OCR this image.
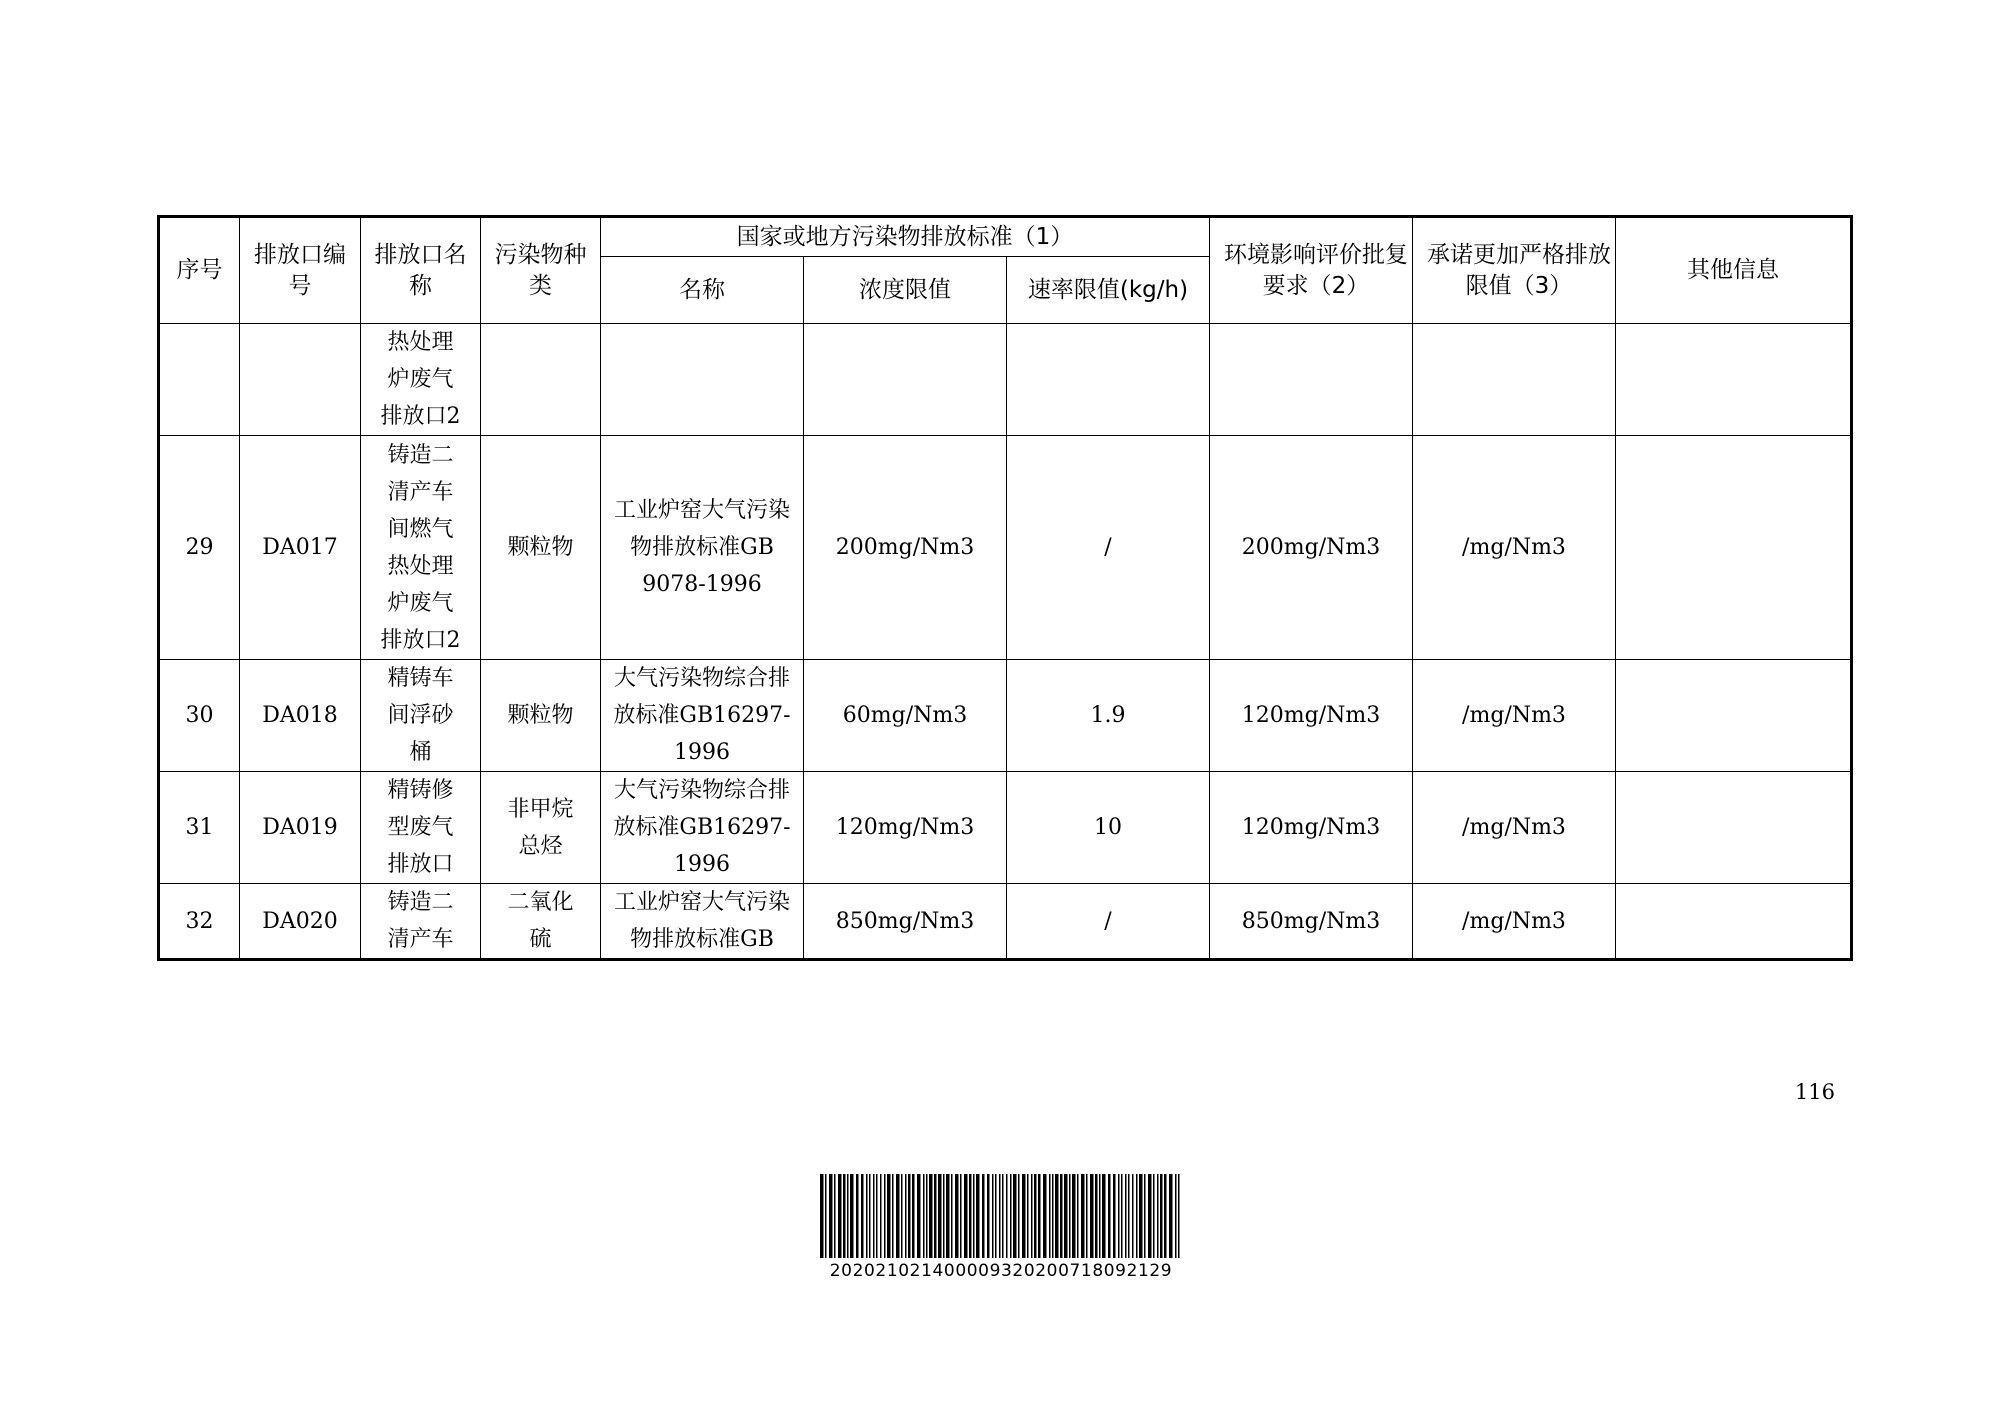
序号	排放口编号	排放口名称	污染物种类	国家或地方污染物排放标准（1）			环境影响评价批复要求（2）	承诺更加严格排放限值（3）	其他信息
				名称	浓度限值	速率限值(kg/h)			
		热处理炉废气排放口2							
29	DA017	铸造二清产车间燃气热处理炉废气排放口2	颗粒物	工业炉窑大气污染物排放标准GB 9078-1996	200mg/Nm3	/	200mg/Nm3	/mg/Nm3	
30	DA018	精铸车间浮砂桶	颗粒物	大气污染物综合排放标准GB16297-1996	60mg/Nm3	1.9	120mg/Nm3	/mg/Nm3	
31	DA019	精铸修型废气排放口	非甲烷总烃	大气污染物综合排放标准GB16297-1996	120mg/Nm3	10	120mg/Nm3	/mg/Nm3	
32	DA020	铸造二清产车	二氧化硫	工业炉窑大气污染物排放标准GB	850mg/Nm3	/	850mg/Nm3	/mg/Nm3	
116
202021021400009320200718092129
